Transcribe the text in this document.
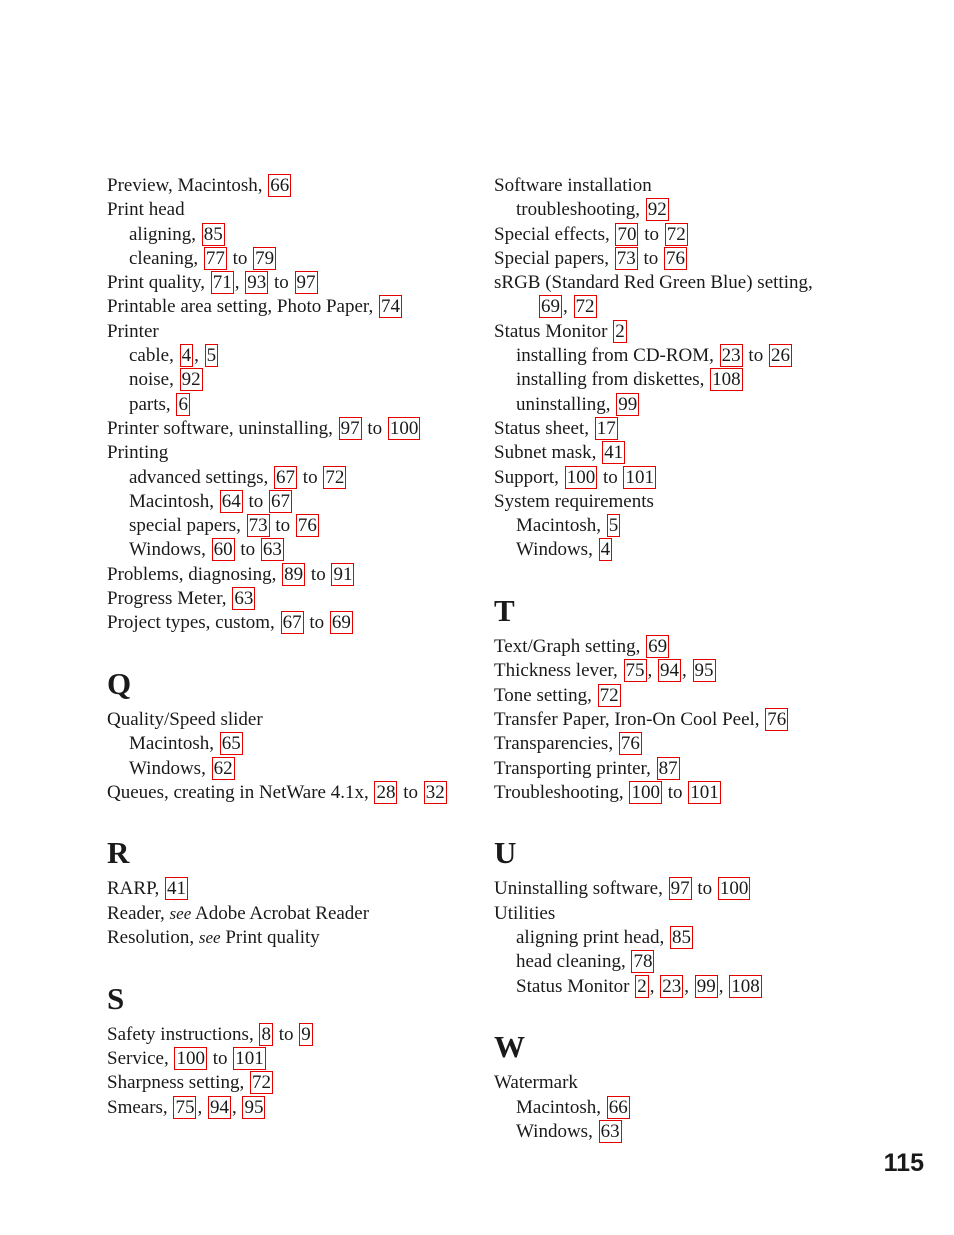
Preview, Macintosh, 66
Print head
aligning, 85
cleaning, 77 to 79
Print quality, 71 , 93 to 97
Printable area setting, Photo Paper, 74
Printer
cable, 4 , 5
noise, 92
parts, 6
Printer software, uninstalling, 97 to 100
Printing
advanced settings, 67 to 72
Macintosh, 64 to 67
special papers, 73 to 76
Windows, 60 to 63
Problems, diagnosing, 89 to 91
Progress Meter, 63
Project types, custom, 67 to 69
Q
Quality/Speed slider
Macintosh, 65
Windows, 62
Queues, creating in NetWare 4.1x, 28 to 32
R
RARP, 41
Reader, see Adobe Acrobat Reader
Resolution, see Print quality
S
Safety instructions, 8 to 9
Service, 100 to 101
Sharpness setting, 72
Smears, 75 , 94 , 95
Software installation
troubleshooting, 92
Special effects, 70 to 72
Special papers, 73 to 76
sRGB (Standard Red Green Blue) setting,
69 , 72
Status Monitor 2
installing from CD-ROM, 23 to 26
installing from diskettes, 108
uninstalling, 99
Status sheet, 17
Subnet mask, 41
Support, 100 to 101
System requirements
Macintosh, 5
Windows, 4
T
Text/Graph setting, 69
Thickness lever, 75 , 94 , 95
Tone setting, 72
Transfer Paper, Iron-On Cool Peel, 76
Transparencies, 76
Transporting printer, 87
Troubleshooting, 100 to 101
U
Uninstalling software, 97 to 100
Utilities
aligning print head, 85
head cleaning, 78
Status Monitor 2 , 23 , 99 , 108
W
Watermark
Macintosh, 66
Windows, 63
115
